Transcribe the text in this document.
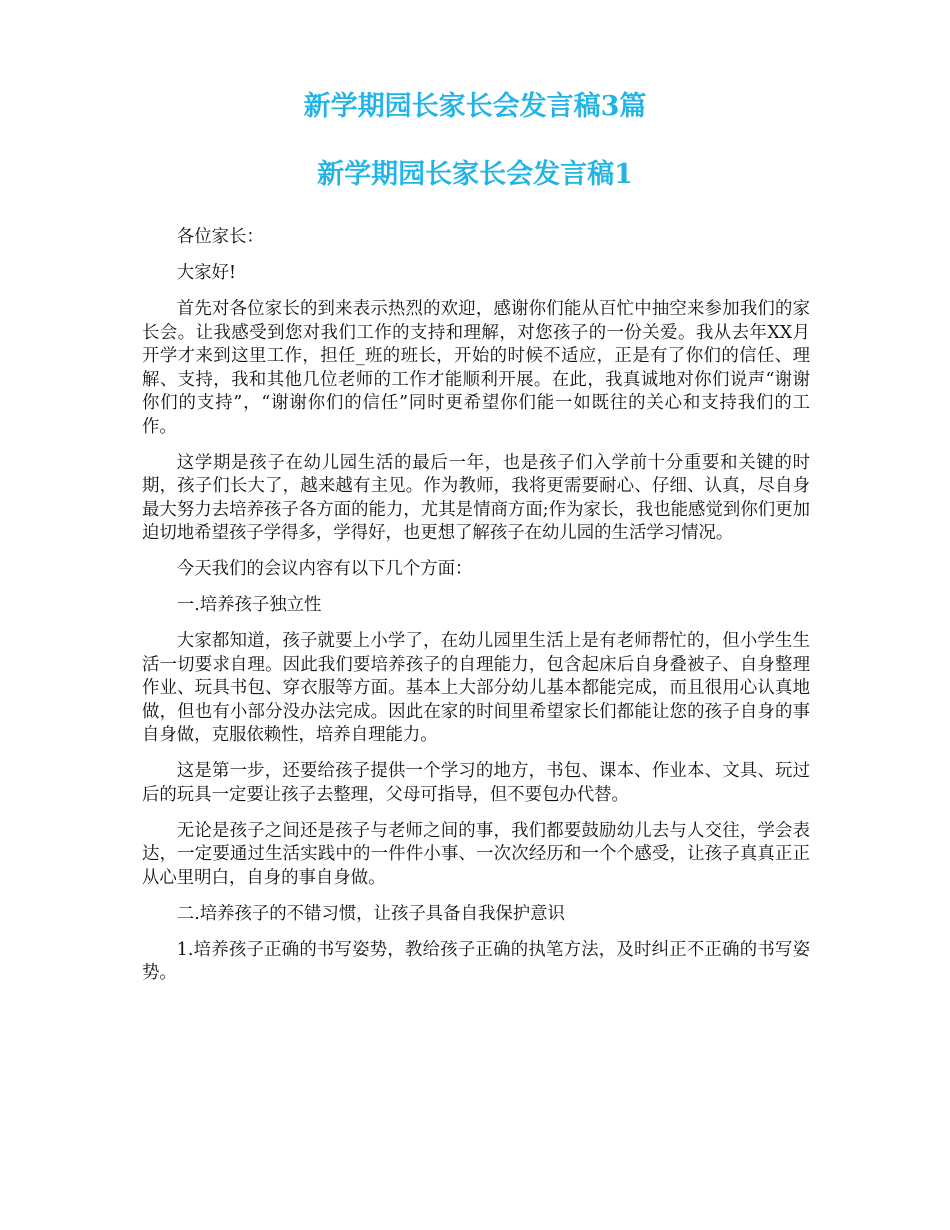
新学期园长家长会发言稿3篇
新学期园长家长会发言稿1

各位家长：

大家好!

首先对各位家长的到来表示热烈的欢迎，感谢你们能从百忙中抽空来参加我们的家长会。让我感受到您对我们工作的支持和理解，对您孩子的一份关爱。我从去年XX月开学才来到这里工作，担任_班的班长，开始的时候不适应，正是有了你们的信任、理解、支持，我和其他几位老师的工作才能顺利开展。在此，我真诚地对你们说声“谢谢你们的支持”，“谢谢你们的信任”同时更希望你们能一如既往的关心和支持我们的工作。

这学期是孩子在幼儿园生活的最后一年，也是孩子们入学前十分重要和关键的时期，孩子们长大了，越来越有主见。作为教师，我将更需要耐心、仔细、认真，尽自身最大努力去培养孩子各方面的能力，尤其是情商方面;作为家长，我也能感觉到你们更加迫切地希望孩子学得多，学得好，也更想了解孩子在幼儿园的生活学习情况。

今天我们的会议内容有以下几个方面：

一.培养孩子独立性

大家都知道，孩子就要上小学了，在幼儿园里生活上是有老师帮忙的，但小学生生活一切要求自理。因此我们要培养孩子的自理能力，包含起床后自身叠被子、自身整理作业、玩具书包、穿衣服等方面。基本上大部分幼儿基本都能完成，而且很用心认真地做，但也有小部分没办法完成。因此在家的时间里希望家长们都能让您的孩子自身的事自身做，克服依赖性，培养自理能力。

这是第一步，还要给孩子提供一个学习的地方，书包、课本、作业本、文具、玩过后的玩具一定要让孩子去整理，父母可指导，但不要包办代替。

无论是孩子之间还是孩子与老师之间的事，我们都要鼓励幼儿去与人交往，学会表达，一定要通过生活实践中的一件件小事、一次次经历和一个个感受，让孩子真真正正从心里明白，自身的事自身做。

二.培养孩子的不错习惯，让孩子具备自我保护意识

1.培养孩子正确的书写姿势，教给孩子正确的执笔方法，及时纠正不正确的书写姿势。
